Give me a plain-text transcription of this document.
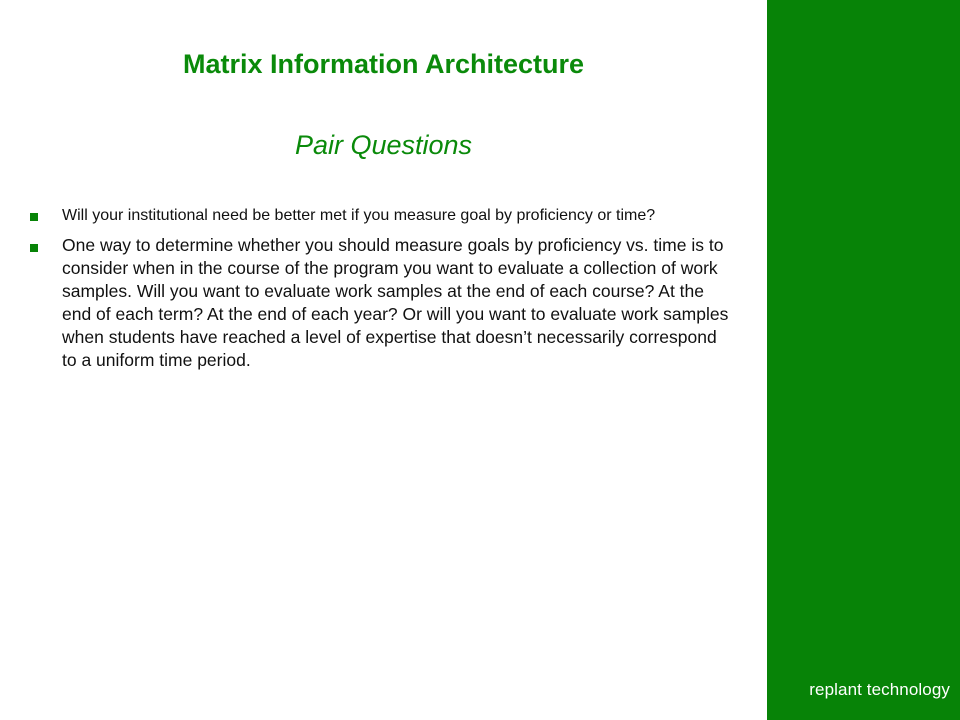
Matrix Information Architecture
Pair Questions
Will your institutional need be better met if you measure goal by proficiency or time?
One way to determine whether you should measure goals by proficiency vs. time is to consider when in the course of the program you want to evaluate a collection of work samples. Will you want to evaluate work samples at the end of each course? At the end of each term? At the end of each year? Or will you want to evaluate work samples when students have reached a level of expertise that doesn’t necessarily correspond to a uniform time period.
replant technology
